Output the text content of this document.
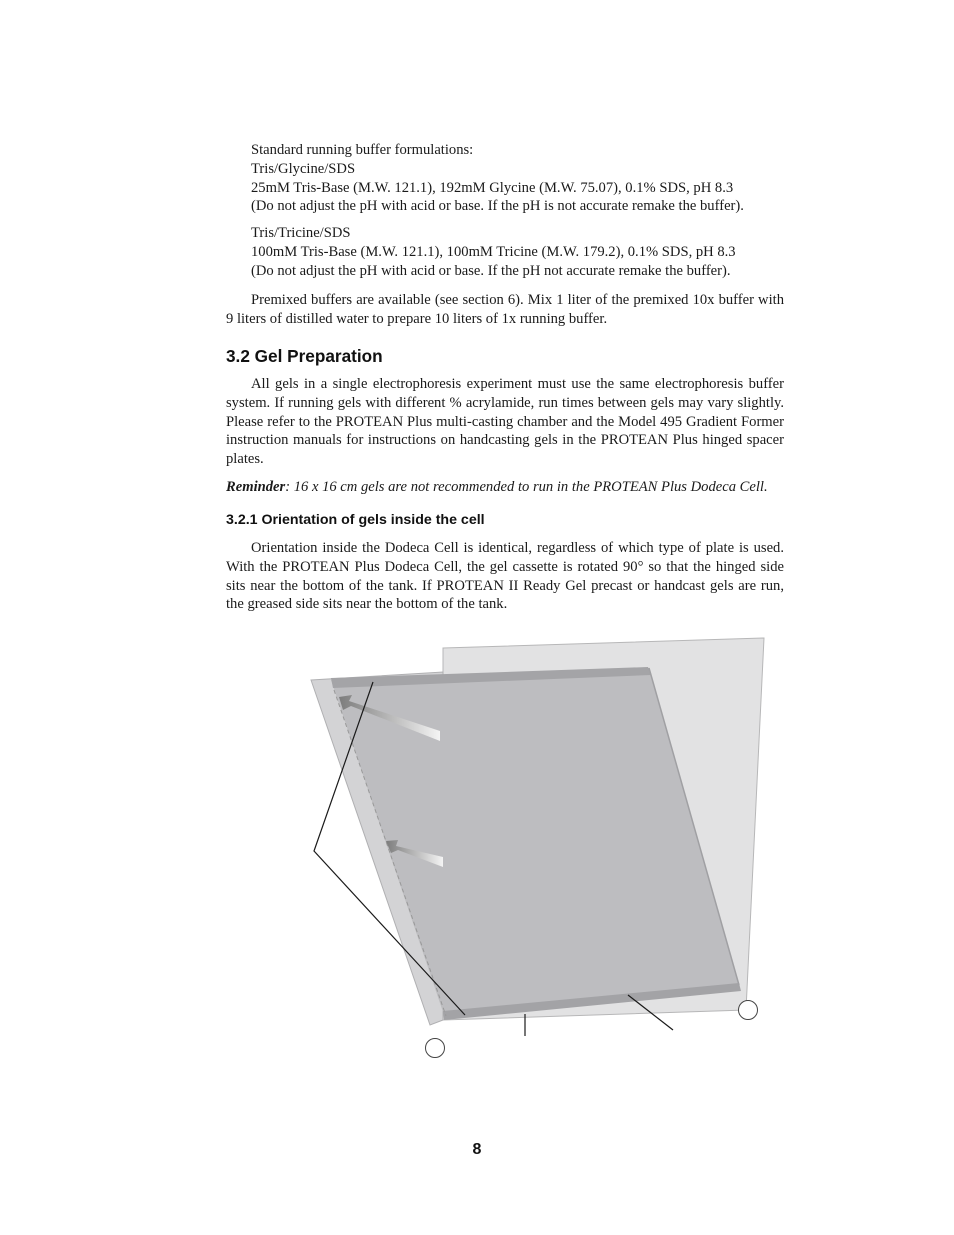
Standard running buffer formulations:

Tris/Glycine/SDS

25mM Tris-Base (M.W. 121.1), 192mM Glycine (M.W. 75.07), 0.1% SDS, pH 8.3

(Do not adjust the pH with acid or base. If the pH is not accurate remake the buffer).

Tris/Tricine/SDS

100mM Tris-Base (M.W. 121.1), 100mM Tricine (M.W. 179.2), 0.1% SDS, pH 8.3

(Do not adjust the pH with acid or base. If the pH not accurate remake the buffer).

Premixed buffers are available (see section 6). Mix 1 liter of the premixed 10x buffer with 9 liters of distilled water to prepare 10 liters of 1x running buffer.

3.2 Gel Preparation

All gels in a single electrophoresis experiment must use the same electrophoresis buffer system. If running gels with different % acrylamide, run times between gels may vary slightly. Please refer to the PROTEAN Plus multi-casting chamber and the Model 495 Gradient Former instruction manuals for instructions on handcasting gels in the PROTEAN Plus hinged spacer plates.

Reminder: 16 x 16 cm gels are not recommended to run in the PROTEAN Plus Dodeca Cell.

3.2.1 Orientation of gels inside the cell

Orientation inside the Dodeca Cell is identical, regardless of which type of plate is used. With the PROTEAN Plus Dodeca Cell, the gel cassette is rotated 90° so that the hinged side sits near the bottom of the tank. If PROTEAN II Ready Gel precast or handcast gels are run, the greased side sits near the bottom of the tank.

8
